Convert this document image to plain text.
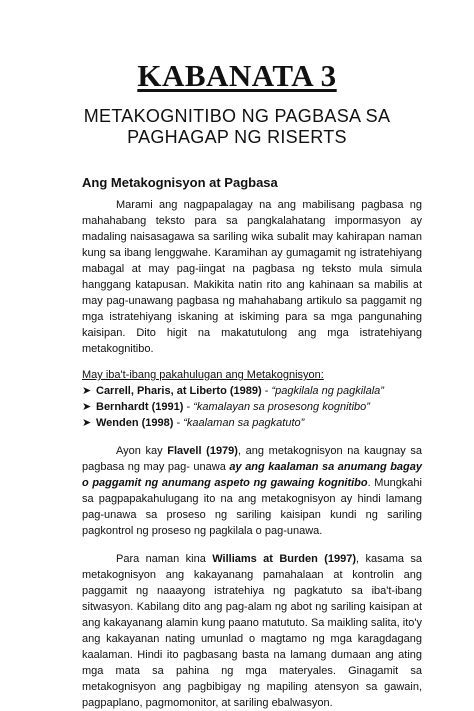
KABANATA 3
METAKOGNITIBO NG PAGBASA SA
PAGHAGAP NG RISERTS
Ang Metakognisyon at Pagbasa

Marami ang nagpapalagay na ang mabilisang pagbasa ng mahahabang teksto para sa pangkalahatang impormasyon ay madaling naisasagawa sa sariling wika subalit may kahirapan naman kung sa ibang lenggwahe. Karamihan ay gumagamit ng istratehiyang mabagal at may pag-iingat na pagbasa ng teksto mula simula hanggang katapusan. Makikita natin rito ang kahinaan sa mabilis at may pag-unawang pagbasa ng mahahabang artikulo sa paggamit ng mga istratehiyang iskaning at iskiming para sa mga pangunahing kaisipan. Dito higit na makatutulong ang mga istratehiyang metakognitibo.

May iba't-ibang pakahulugan ang Metakognisyon:
➤ Carrell, Pharis, at Liberto (1989) - “pagkilala ng pagkilala”
➤ Bernhardt (1991) - “kamalayan sa prosesong kognitibo”
➤ Wenden (1998) - “kaalaman sa pagkatuto”

Ayon kay Flavell (1979), ang metakognisyon na kaugnay sa pagbasa ng may pag- unawa ay ang kaalaman sa anumang bagay o paggamit ng anumang aspeto ng gawaing kognitibo. Mungkahi sa pagpapakahulugang ito na ang metakognisyon ay hindi lamang pag-unawa sa proseso ng sariling kaisipan kundi ng sariling pagkontrol ng proseso ng pagkilala o pag-unawa.

Para naman kina Williams at Burden (1997), kasama sa metakognisyon ang kakayanang pamahalaan at kontrolin ang paggamit ng naaayong istratehiya ng pagkatuto sa iba't-ibang sitwasyon. Kabilang dito ang pag-alam ng abot ng sariling kaisipan at ang kakayanang alamin kung paano matututo. Sa maikling salita, ito'y ang kakayanan nating umunlad o magtamo ng mga karagdagang kaalaman. Hindi ito pagbasang basta na lamang dumaan ang ating mga mata sa pahina ng mga materyales. Ginagamit sa metakognisyon ang pagbibigay ng mapiling atensyon sa gawain, pagpaplano, pagmomonitor, at sariling ebalwasyon.
